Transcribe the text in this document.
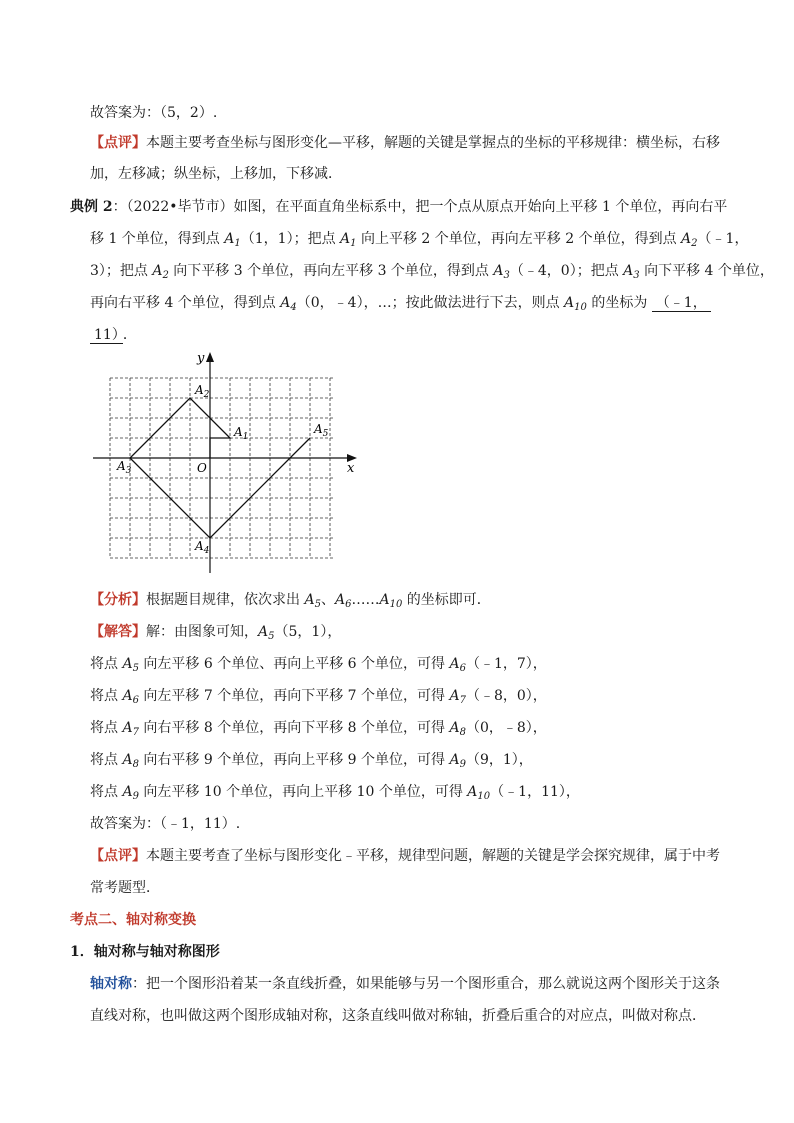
故答案为：（5，2）.
【点评】本题主要考查坐标与图形变化—平移，解题的关键是掌握点的坐标的平移规律：横坐标，右移
加，左移减；纵坐标，上移加，下移减．
典例 2：（2022•毕节市）如图，在平面直角坐标系中，把一个点从原点开始向上平移 1 个单位，再向右平
移 1 个单位，得到点 $A_1(1$，1）；把点 $A_1$ 向上平移 2 个单位，再向左平移 2 个单位，得到点 $A_2(﹣1$，
3）；把点 $A_2$ 向下平移 3 个单位，再向左平移 3 个单位，得到点 $A_3(﹣4$，0）；把点 $A_3$ 向下平移 4 个单位，
再向右平移 4 个单位，得到点 $A_4(0$，﹣4），…；按此做法进行下去，则点 $A_{10}$ 的坐标为 （﹣1，
11） ．
x
y
O
$A_2$
$A_1$
$A_5$
$A_3$
$A_4$
【分析】根据题目规律，依次求出 $A_5$、$A_6\dots\dots A_{10}$ 的坐标即可．
【解答】解：由图象可知，$A_5(5$，1），
将点 $A_5$ 向左平移 6 个单位、再向上平移 6 个单位，可得 $A_6(﹣1$，7），
将点 $A_6$ 向左平移 7 个单位，再向下平移 7 个单位，可得 $A_7(﹣8$，0），
将点 $A_7$ 向右平移 8 个单位，再向下平移 8 个单位，可得 $A_8(0$，﹣8），
将点 $A_8$ 向右平移 9 个单位，再向上平移 9 个单位，可得 $A_9(9$，1），
将点 $A_9$ 向左平移 10 个单位，再向上平移 10 个单位，可得 $A_{10}(﹣1$，11），
故答案为：（﹣1，11）.
【点评】本题主要考查了坐标与图形变化﹣平移，规律型问题，解题的关键是学会探究规律，属于中考
常考题型．
考点二、轴对称变换
1．轴对称与轴对称图形
轴对称：把一个图形沿着某一条直线折叠，如果能够与另一个图形重合，那么就说这两个图形关于这条
直线对称，也叫做这两个图形成轴对称，这条直线叫做对称轴，折叠后重合的对应点，叫做对称点．
